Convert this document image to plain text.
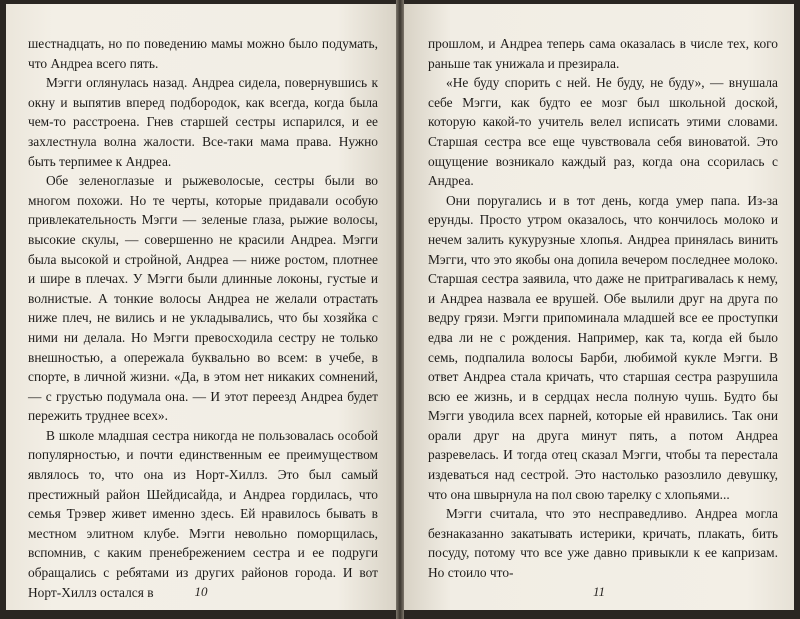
шестнадцать, но по поведению мамы можно было подумать, что Андреа всего пять.

Мэгги оглянулась назад. Андреа сидела, повернувшись к окну и выпятив вперед подбородок, как всегда, когда была чем-то расстроена. Гнев старшей сестры испарился, и ее захлестнула волна жалости. Все-таки мама права. Нужно быть терпимее к Андреа.

Обе зеленоглазые и рыжеволосые, сестры были во многом похожи. Но те черты, которые придавали особую привлекательность Мэгги — зеленые глаза, рыжие волосы, высокие скулы, — совершенно не красили Андреа. Мэгги была высокой и стройной, Андреа — ниже ростом, плотнее и шире в плечах. У Мэгги были длинные локоны, густые и волнистые. А тонкие волосы Андреа не желали отрастать ниже плеч, не вились и не укладывались, что бы хозяйка с ними ни делала. Но Мэгги превосходила сестру не только внешностью, а опережала буквально во всем: в учебе, в спорте, в личной жизни. «Да, в этом нет никаких сомнений, — с грустью подумала она. — И этот переезд Андреа будет пережить труднее всех».

В школе младшая сестра никогда не пользовалась особой популярностью, и почти единственным ее преимуществом являлось то, что она из Норт-Хиллз. Это был самый престижный район Шейдисайда, и Андреа гордилась, что семья Трэвер живет именно здесь. Ей нравилось бывать в местном элитном клубе. Мэгги невольно поморщилась, вспомнив, с каким пренебрежением сестра и ее подруги обращались с ребятами из других районов города. И вот Норт-Хиллз остался в	10

прошлом, и Андреа теперь сама оказалась в числе тех, кого раньше так унижала и презирала.

«Не буду спорить с ней. Не буду, не буду», — внушала себе Мэгги, как будто ее мозг был школьной доской, которую какой-то учитель велел исписать этими словами. Старшая сестра все еще чувствовала себя виноватой. Это ощущение возникало каждый раз, когда она ссорилась с Андреа.

Они поругались и в тот день, когда умер папа. Из-за ерунды. Просто утром оказалось, что кончилось молоко и нечем залить кукурузные хлопья. Андреа принялась винить Мэгги, что это якобы она допила вечером последнее молоко. Старшая сестра заявила, что даже не притрагивалась к нему, и Андреа назвала ее врушей. Обе вылили друг на друга по ведру грязи. Мэгги припоминала младшей все ее проступки едва ли не с рождения. Например, как та, когда ей было семь, подпалила волосы Барби, любимой кукле Мэгги. В ответ Андреа стала кричать, что старшая сестра разрушила всю ее жизнь, и в сердцах несла полную чушь. Будто бы Мэгги уводила всех парней, которые ей нравились. Так они орали друг на друга минут пять, а потом Андреа разревелась. И тогда отец сказал Мэгги, чтобы та перестала издеваться над сестрой. Это настолько разозлило девушку, что она швырнула на пол свою тарелку с хлопьями...

Мэгги считала, что это несправедливо. Андреа могла безнаказанно закатывать истерики, кричать, плакать, бить посуду, потому что все уже давно привыкли к ее капризам. Но стоило что-

11
